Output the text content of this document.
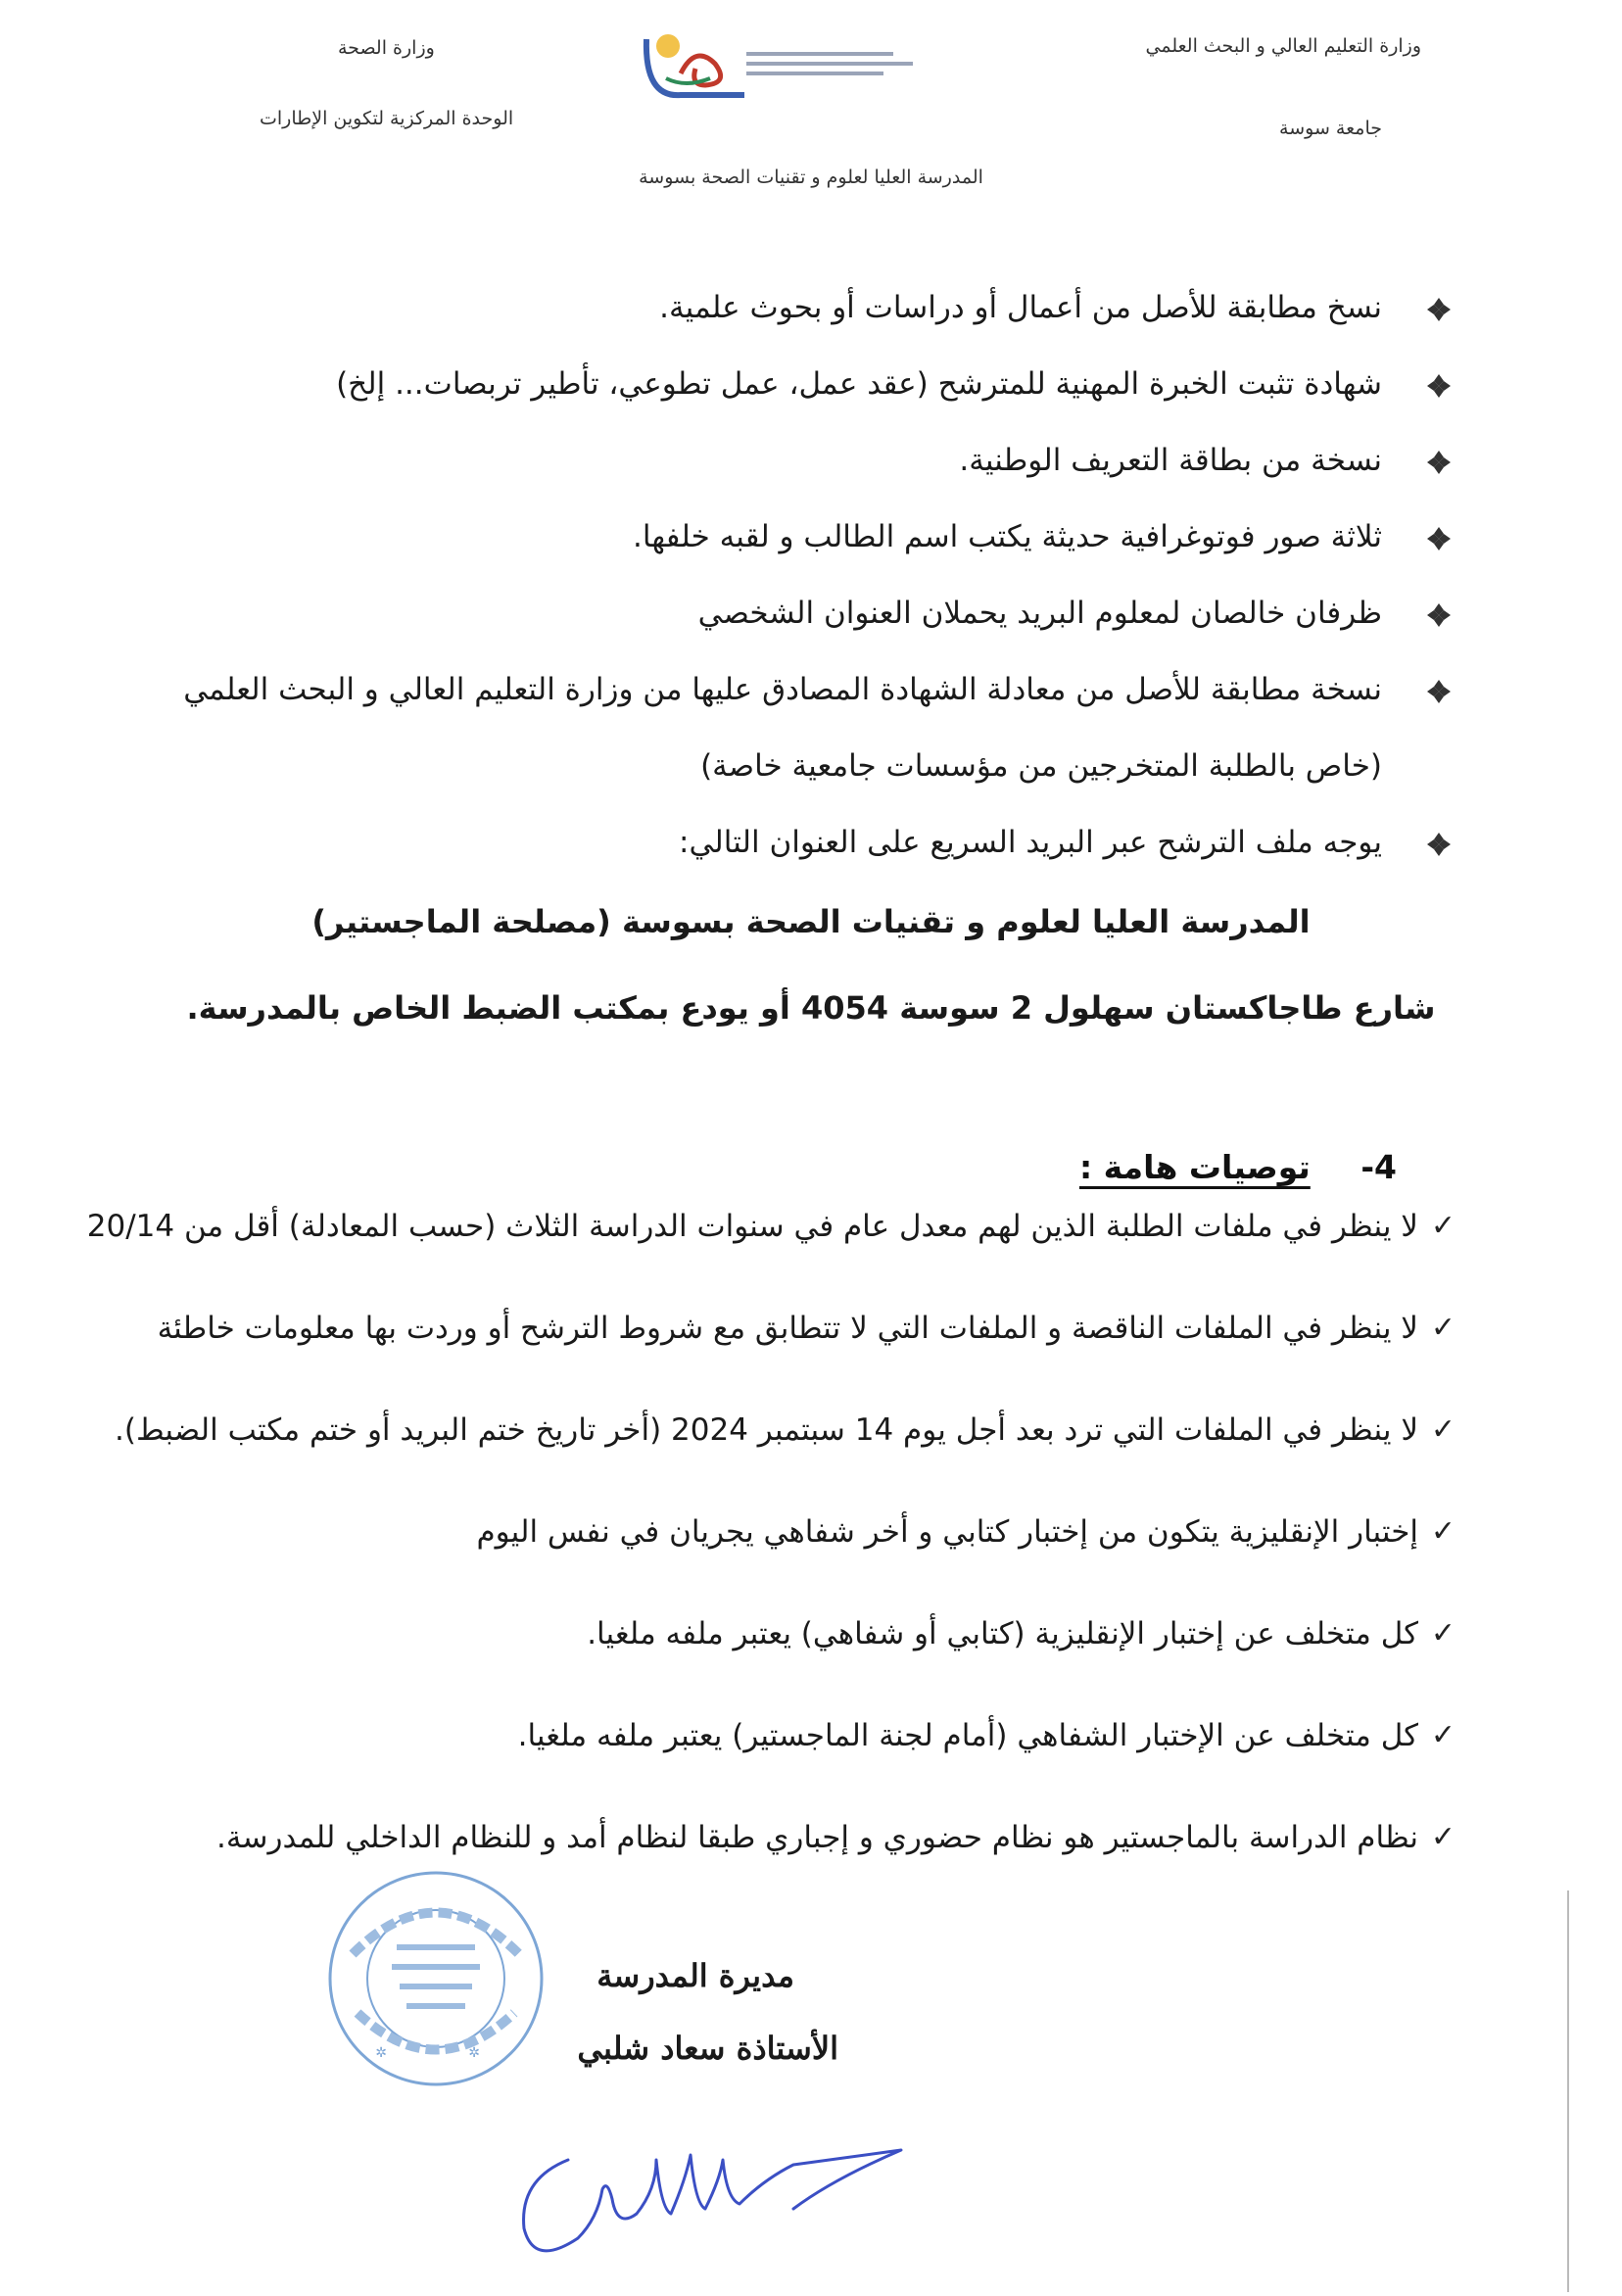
وزارة التعليم العالي و البحث العلمي
جامعة سوسة
وزارة الصحة
الوحدة المركزية لتكوين الإطارات
المدرسة العليا لعلوم و تقنيات الصحة بسوسة
نسخ مطابقة للأصل من أعمال أو دراسات أو بحوث علمية.
شهادة تثبت الخبرة المهنية للمترشح (عقد عمل، عمل تطوعي، تأطير تربصات... إلخ)
نسخة من بطاقة التعريف الوطنية.
ثلاثة صور فوتوغرافية حديثة يكتب اسم الطالب و لقبه خلفها.
ظرفان خالصان لمعلوم البريد يحملان العنوان الشخصي
نسخة مطابقة للأصل من معادلة الشهادة المصادق عليها من وزارة التعليم العالي و البحث العلمي (خاص بالطلبة المتخرجين من مؤسسات جامعية خاصة)
يوجه ملف الترشح عبر البريد السريع على العنوان التالي:
المدرسة العليا لعلوم و تقنيات الصحة بسوسة (مصلحة الماجستير)
شارع طاجاكستان سهلول 2 سوسة 4054 أو يودع بمكتب الضبط الخاص بالمدرسة.
4- توصيات هامة :
✓
لا ينظر في ملفات الطلبة الذين لهم معدل عام في سنوات الدراسة الثلاث (حسب المعادلة) أقل من 20/14
✓
لا ينظر في الملفات الناقصة و الملفات التي لا تتطابق مع شروط الترشح أو وردت بها معلومات خاطئة
✓
لا ينظر في الملفات التي ترد بعد أجل يوم 14 سبتمبر 2024 (أخر تاريخ ختم البريد أو ختم مكتب الضبط).
✓
إختبار الإنقليزية يتكون من إختبار كتابي و أخر شفاهي يجريان في نفس اليوم
✓
كل متخلف عن إختبار الإنقليزية (كتابي أو شفاهي) يعتبر ملفه ملغيا.
✓
كل متخلف عن الإختبار الشفاهي (أمام لجنة الماجستير) يعتبر ملفه ملغيا.
✓
نظام الدراسة بالماجستير هو نظام حضوري و إجباري طبقا لنظام أمد و للنظام الداخلي للمدرسة.
مديرة المدرسة
الأستاذة سعاد شلبي
✲	✲
